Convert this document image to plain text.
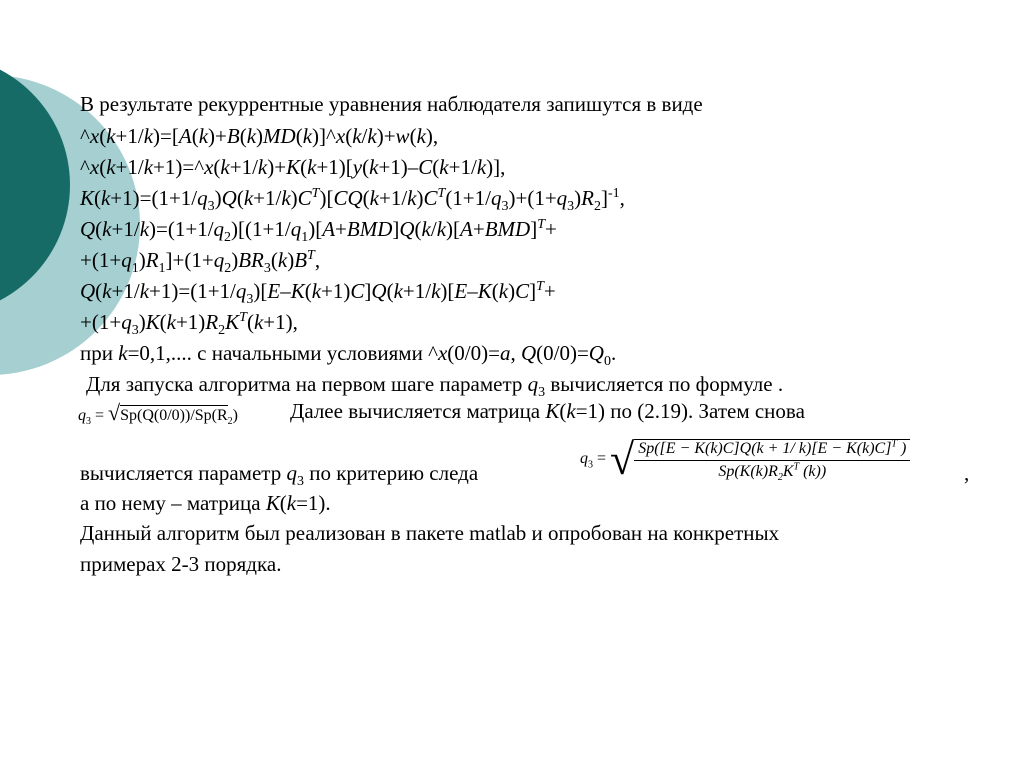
В результате рекуррентные уравнения наблюдателя запишутся в виде
^x(k+1/k)=[A(k)+B(k)MD(k)]^x(k/k)+w(k),
^x(k+1/k+1)=^x(k+1/k)+K(k+1)[y(k+1)–C(k+1/k)],
$К(k+1)=(1+1/q_3)Q(k+1/k)C^T)[CQ(k+1/k)C^T(1+1/q_3)+(1+q_3)R_2]^{-1}$,
$Q(k+1/k)=(1+1/q_2)[(1+1/q_1)[A+BMD]Q(k/k)[A+BMD]^T+$
$+(1+q_1)R_1]+(1+q_2)BR_3(k)B^T$,
$Q(k+1/k+1)=(1+1/q_3)[E-K(k+1)C]Q(k+1/k)[E-K(k)C]^T+$
$+(1+q_3)К(k+1)R_2K^T(k+1)$,
при k=0,1,.... с начальными условиями ^x(0/0)=a, $Q(0/0)=Q_0$.
Для запуска алгоритма на первом шаге параметр $q_3$ вычисляется по формуле .
$q_3 = √Sp(Q(0/0))/Sp(R_2)$ Далее вычисляется матрица K(k=1) по (2.19). Затем снова
вычисляется параметр $q_3$ по критерию следа
$q_3$ = √ $\frac{Sp([E - K(k)C]Q(k + 1/ k)[E - K(k)C]^T )}{Sp(K(k)R_2K^T (k))}$	,
а по нему – матрица К(k=1).
Данный алгоритм был реализован в пакете matlab и опробован на конкретных
примерах 2-3 порядка.
